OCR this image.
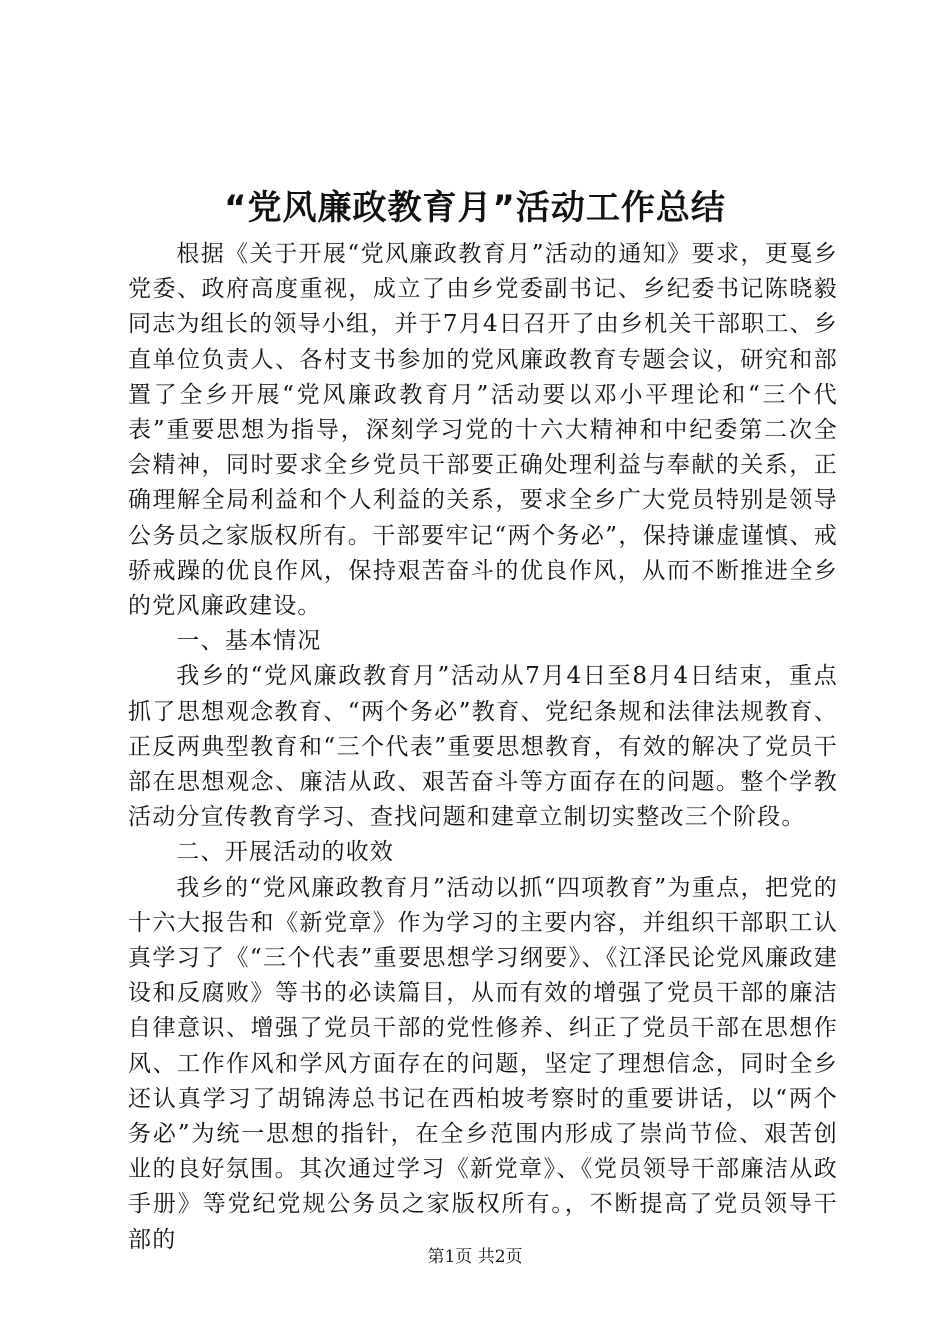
“党风廉政教育月”活动工作总结

根据《关于开展“党风廉政教育月”活动的通知》要求，更戛乡党委、政府高度重视，成立了由乡党委副书记、乡纪委书记陈晓毅同志为组长的领导小组，并于7月4日召开了由乡机关干部职工、乡直单位负责人、各村支书参加的党风廉政教育专题会议，研究和部置了全乡开展“党风廉政教育月”活动要以邓小平理论和“三个代表”重要思想为指导，深刻学习党的十六大精神和中纪委第二次全会精神，同时要求全乡党员干部要正确处理利益与奉献的关系，正确理解全局利益和个人利益的关系，要求全乡广大党员特别是领导公务员之家版权所有。干部要牢记“两个务必”，保持谦虚谨慎、戒骄戒躁的优良作风，保持艰苦奋斗的优良作风，从而不断推进全乡的党风廉政建设。

一、基本情况

我乡的“党风廉政教育月”活动从7月4日至8月4日结束，重点抓了思想观念教育、“两个务必”教育、党纪条规和法律法规教育、正反两典型教育和“三个代表”重要思想教育，有效的解决了党员干部在思想观念、廉洁从政、艰苦奋斗等方面存在的问题。整个学教活动分宣传教育学习、查找问题和建章立制切实整改三个阶段。

二、开展活动的收效

我乡的“党风廉政教育月”活动以抓“四项教育”为重点，把党的十六大报告和《新党章》作为学习的主要内容，并组织干部职工认真学习了《“三个代表”重要思想学习纲要》、《江泽民论党风廉政建设和反腐败》等书的必读篇目，从而有效的增强了党员干部的廉洁自律意识、增强了党员干部的党性修养、纠正了党员干部在思想作风、工作作风和学风方面存在的问题，坚定了理想信念，同时全乡还认真学习了胡锦涛总书记在西柏坡考察时的重要讲话，以“两个务必”为统一思想的指针，在全乡范围内形成了崇尚节俭、艰苦创业的良好氛围。其次通过学习《新党章》、《党员领导干部廉洁从政手册》等党纪党规公务员之家版权所有。，不断提高了党员领导干部的

第1页 共2页
